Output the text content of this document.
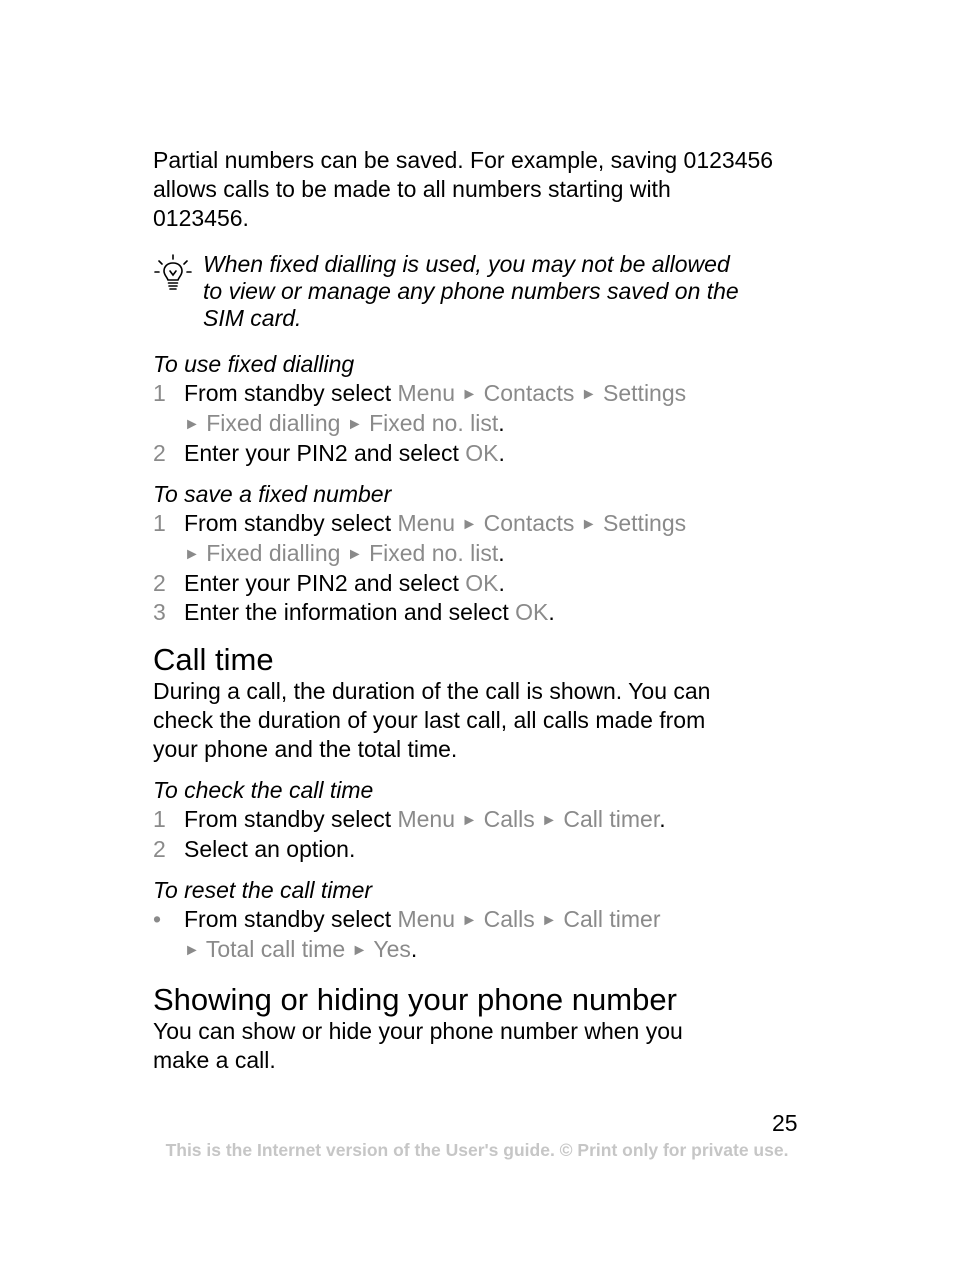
Partial numbers can be saved. For example, saving 0123456

allows calls to be made to all numbers starting with

0123456.

When fixed dialling is used, you may not be allowed
to view or manage any phone numbers saved on the
SIM card.

To use fixed dialling

1 From standby select Menu ► Contacts ► Settings
► Fixed dialling ► Fixed no. list.
2 Enter your PIN2 and select OK.

To save a fixed number

1 From standby select Menu ► Contacts ► Settings
► Fixed dialling ► Fixed no. list.
2 Enter your PIN2 and select OK.
3 Enter the information and select OK.
Call time

During a call, the duration of the call is shown. You can

check the duration of your last call, all calls made from

your phone and the total time.

To check the call time

1 From standby select Menu ► Calls ► Call timer.
2 Select an option.

To reset the call timer

• From standby select Menu ► Calls ► Call timer
► Total call time ► Yes.
Showing or hiding your phone number

You can show or hide your phone number when you

make a call.

25
This is the Internet version of the User's guide. © Print only for private use.
